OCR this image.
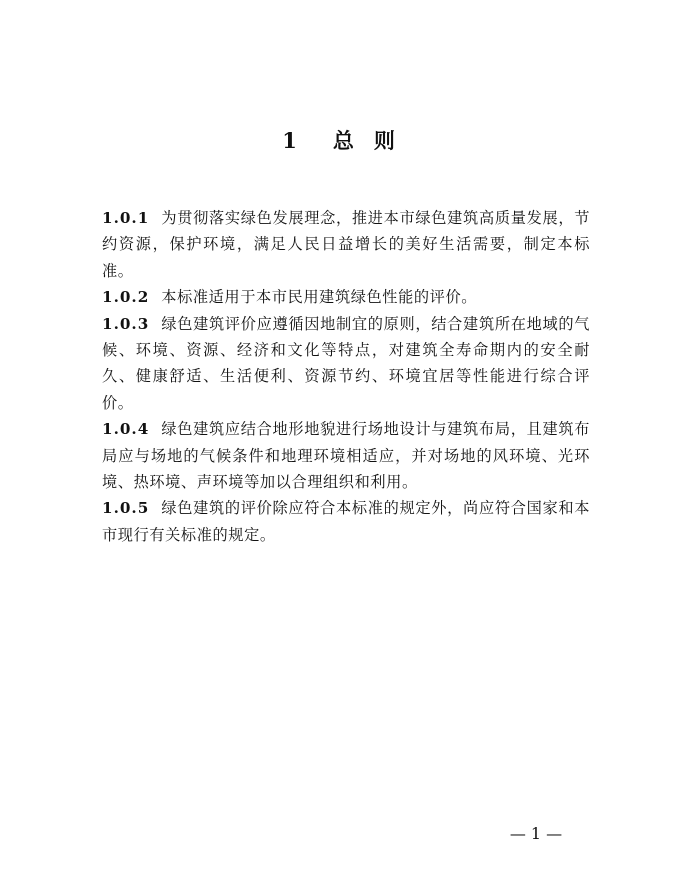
1 总 则

1.0.1 为贯彻落实绿色发展理念，推进本市绿色建筑高质量发展，节约资源，保护环境，满足人民日益增长的美好生活需要，制定本标准。

1.0.2 本标准适用于本市民用建筑绿色性能的评价。

1.0.3 绿色建筑评价应遵循因地制宜的原则，结合建筑所在地域的气候、环境、资源、经济和文化等特点，对建筑全寿命期内的安全耐久、健康舒适、生活便利、资源节约、环境宜居等性能进行综合评价。

1.0.4 绿色建筑应结合地形地貌进行场地设计与建筑布局，且建筑布局应与场地的气候条件和地理环境相适应，并对场地的风环境、光环境、热环境、声环境等加以合理组织和利用。

1.0.5 绿色建筑的评价除应符合本标准的规定外，尚应符合国家和本市现行有关标准的规定。

— 1 —
